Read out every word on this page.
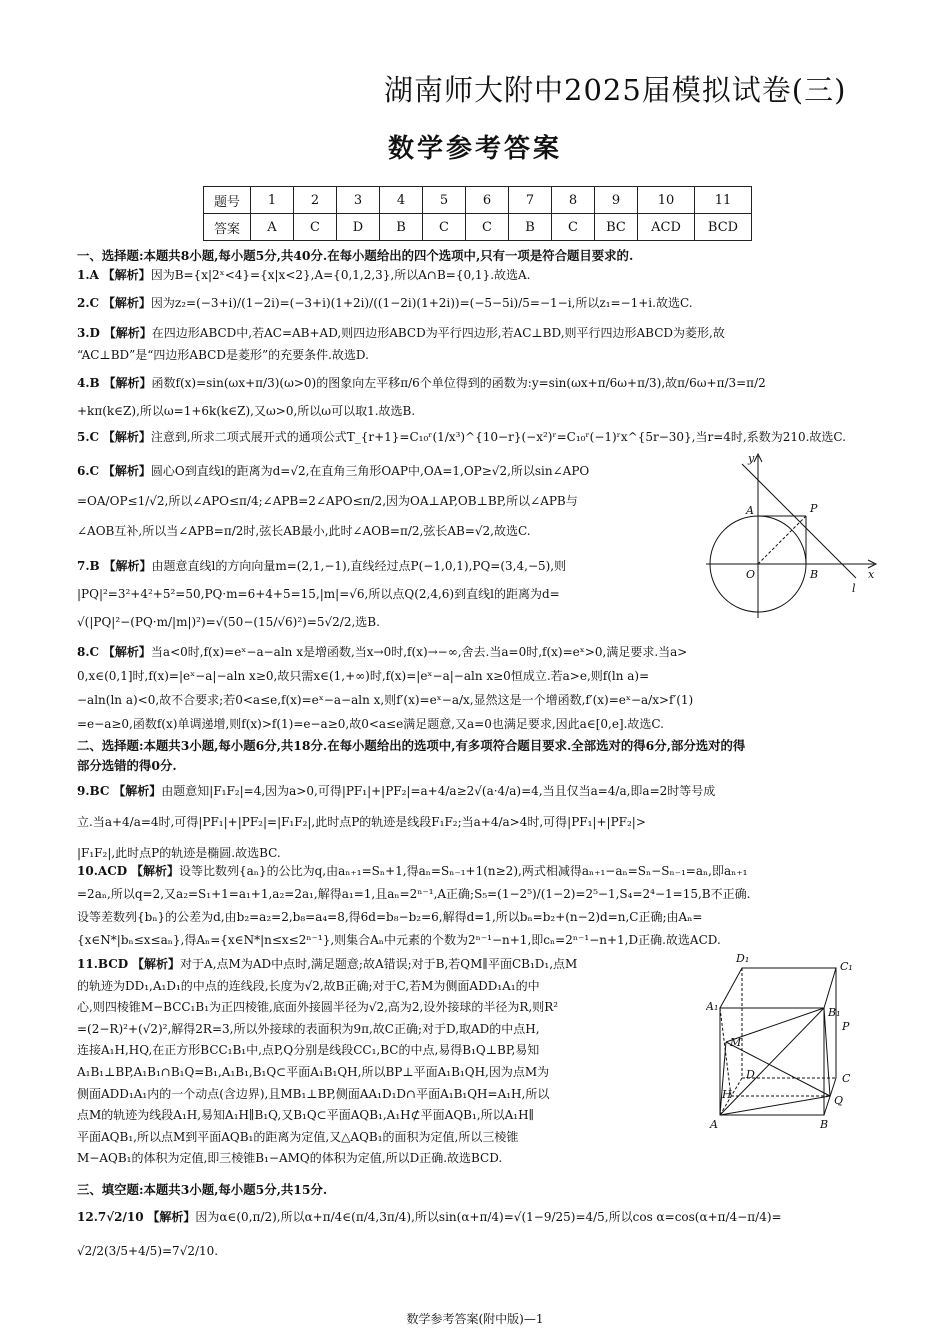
湖南师大附中2025届模拟试卷(三)
数学参考答案
题号	1	2	3	4	5	6	7	8	9	10	11
答案	A	C	D	B	C	C	B	C	BC	ACD	BCD
一、选择题:本题共8小题,每小题5分,共40分.在每小题给出的四个选项中,只有一项是符合题目要求的.
1.A 【解析】因为B={x|2ˣ<4}={x|x<2},A={0,1,2,3},所以A∩B={0,1}.故选A.
2.C 【解析】因为z₂=(−3+i)/(1−2i)=(−3+i)(1+2i)/((1−2i)(1+2i))=(−5−5i)/5=−1−i,所以z₁=−1+i.故选C.
3.D 【解析】在四边形ABCD中,若AC=AB+AD,则四边形ABCD为平行四边形,若AC⊥BD,则平行四边形ABCD为菱形,故
“AC⊥BD”是“四边形ABCD是菱形”的充要条件.故选D.
4.B 【解析】函数f(x)=sin(ωx+π/3)(ω>0)的图象向左平移π/6个单位得到的函数为:y=sin(ωx+π/6ω+π/3),故π/6ω+π/3=π/2
+kπ(k∈Z),所以ω=1+6k(k∈Z),又ω>0,所以ω可以取1.故选B.
5.C 【解析】注意到,所求二项式展开式的通项公式T_{r+1}=C₁₀ʳ(1/x³)^{10−r}(−x²)ʳ=C₁₀ʳ(−1)ʳx^{5r−30},当r=4时,系数为210.故选C.
6.C 【解析】圆心O到直线l的距离为d=√2,在直角三角形OAP中,OA=1,OP≥√2,所以sin∠APO
=OA/OP≤1/√2,所以∠APO≤π/4;∠APB=2∠APO≤π/2,因为OA⊥AP,OB⊥BP,所以∠APB与
∠AOB互补,所以当∠APB=π/2时,弦长AB最小,此时∠AOB=π/2,弦长AB=√2,故选C.
7.B 【解析】由题意直线l的方向向量m=(2,1,−1),直线经过点P(−1,0,1),PQ=(3,4,−5),则
|PQ|²=3²+4²+5²=50,PQ·m=6+4+5=15,|m|=√6,所以点Q(2,4,6)到直线l的距离为d=
√(|PQ|²−(PQ·m/|m|)²)=√(50−(15/√6)²)=5√2/2,选B.
8.C 【解析】当a<0时,f(x)=eˣ−a−aln x是增函数,当x→0时,f(x)→−∞,舍去.当a=0时,f(x)=eˣ>0,满足要求.当a>
0,x∈(0,1]时,f(x)=|eˣ−a|−aln x≥0,故只需x∈(1,+∞)时,f(x)=|eˣ−a|−aln x≥0恒成立.若a>e,则f(ln a)=
−aln(ln a)<0,故不合要求;若0<a≤e,f(x)=eˣ−a−aln x,则f′(x)=eˣ−a/x,显然这是一个增函数,f′(x)=eˣ−a/x>f′(1)
=e−a≥0,函数f(x)单调递增,则f(x)>f(1)=e−a≥0,故0<a≤e满足题意,又a=0也满足要求,因此a∈[0,e].故选C.
二、选择题:本题共3小题,每小题6分,共18分.在每小题给出的选项中,有多项符合题目要求.全部选对的得6分,部分选对的得
部分选错的得0分.
9.BC 【解析】由题意知|F₁F₂|=4,因为a>0,可得|PF₁|+|PF₂|=a+4/a≥2√(a·4/a)=4,当且仅当a=4/a,即a=2时等号成
立.当a+4/a=4时,可得|PF₁|+|PF₂|=|F₁F₂|,此时点P的轨迹是线段F₁F₂;当a+4/a>4时,可得|PF₁|+|PF₂|>
|F₁F₂|,此时点P的轨迹是椭圆.故选BC.
10.ACD 【解析】设等比数列{aₙ}的公比为q,由aₙ₊₁=Sₙ+1,得aₙ=Sₙ₋₁+1(n≥2),两式相减得aₙ₊₁−aₙ=Sₙ−Sₙ₋₁=aₙ,即aₙ₊₁
=2aₙ,所以q=2,又a₂=S₁+1=a₁+1,a₂=2a₁,解得a₁=1,且aₙ=2ⁿ⁻¹,A正确;S₅=(1−2⁵)/(1−2)=2⁵−1,S₄=2⁴−1=15,B不正确.
设等差数列{bₙ}的公差为d,由b₂=a₂=2,b₈=a₄=8,得6d=b₈−b₂=6,解得d=1,所以bₙ=b₂+(n−2)d=n,C正确;由Aₙ=
{x∈N*|bₙ≤x≤aₙ},得Aₙ={x∈N*|n≤x≤2ⁿ⁻¹},则集合Aₙ中元素的个数为2ⁿ⁻¹−n+1,即cₙ=2ⁿ⁻¹−n+1,D正确.故选ACD.
11.BCD 【解析】对于A,点M为AD中点时,满足题意;故A错误;对于B,若QM∥平面CB₁D₁,点M
的轨迹为DD₁,A₁D₁的中点的连线段,长度为√2,故B正确;对于C,若M为侧面ADD₁A₁的中
心,则四棱锥M−BCC₁B₁为正四棱锥,底面外接圆半径为√2,高为2,设外接球的半径为R,则R²
=(2−R)²+(√2)²,解得2R=3,所以外接球的表面积为9π,故C正确;对于D,取AD的中点H,
连接A₁H,HQ,在正方形BCC₁B₁中,点P,Q分别是线段CC₁,BC的中点,易得B₁Q⊥BP,易知
A₁B₁⊥BP,A₁B₁∩B₁Q=B₁,A₁B₁,B₁Q⊂平面A₁B₁QH,所以BP⊥平面A₁B₁QH,因为点M为
侧面ADD₁A₁内的一个动点(含边界),且MB₁⊥BP,侧面AA₁D₁D∩平面A₁B₁QH=A₁H,所以
点M的轨迹为线段A₁H,易知A₁H∥B₁Q,又B₁Q⊂平面AQB₁,A₁H⊄平面AQB₁,所以A₁H∥
平面AQB₁,所以点M到平面AQB₁的距离为定值,又△AQB₁的面积为定值,所以三棱锥
M−AQB₁的体积为定值,即三棱锥B₁−AMQ的体积为定值,所以D正确.故选BCD.
三、填空题:本题共3小题,每小题5分,共15分.
12.7√2/10 【解析】因为α∈(0,π/2),所以α+π/4∈(π/4,3π/4),所以sin(α+π/4)=√(1−9/25)=4/5,所以cos α=cos(α+π/4−π/4)=
√2/2(3/5+4/5)=7√2/10.
y
A	P
O	B	x
l
D₁
C₁
A₁	B₁
M
P
D
H
C
Q
A	B
数学参考答案(附中版)—1
